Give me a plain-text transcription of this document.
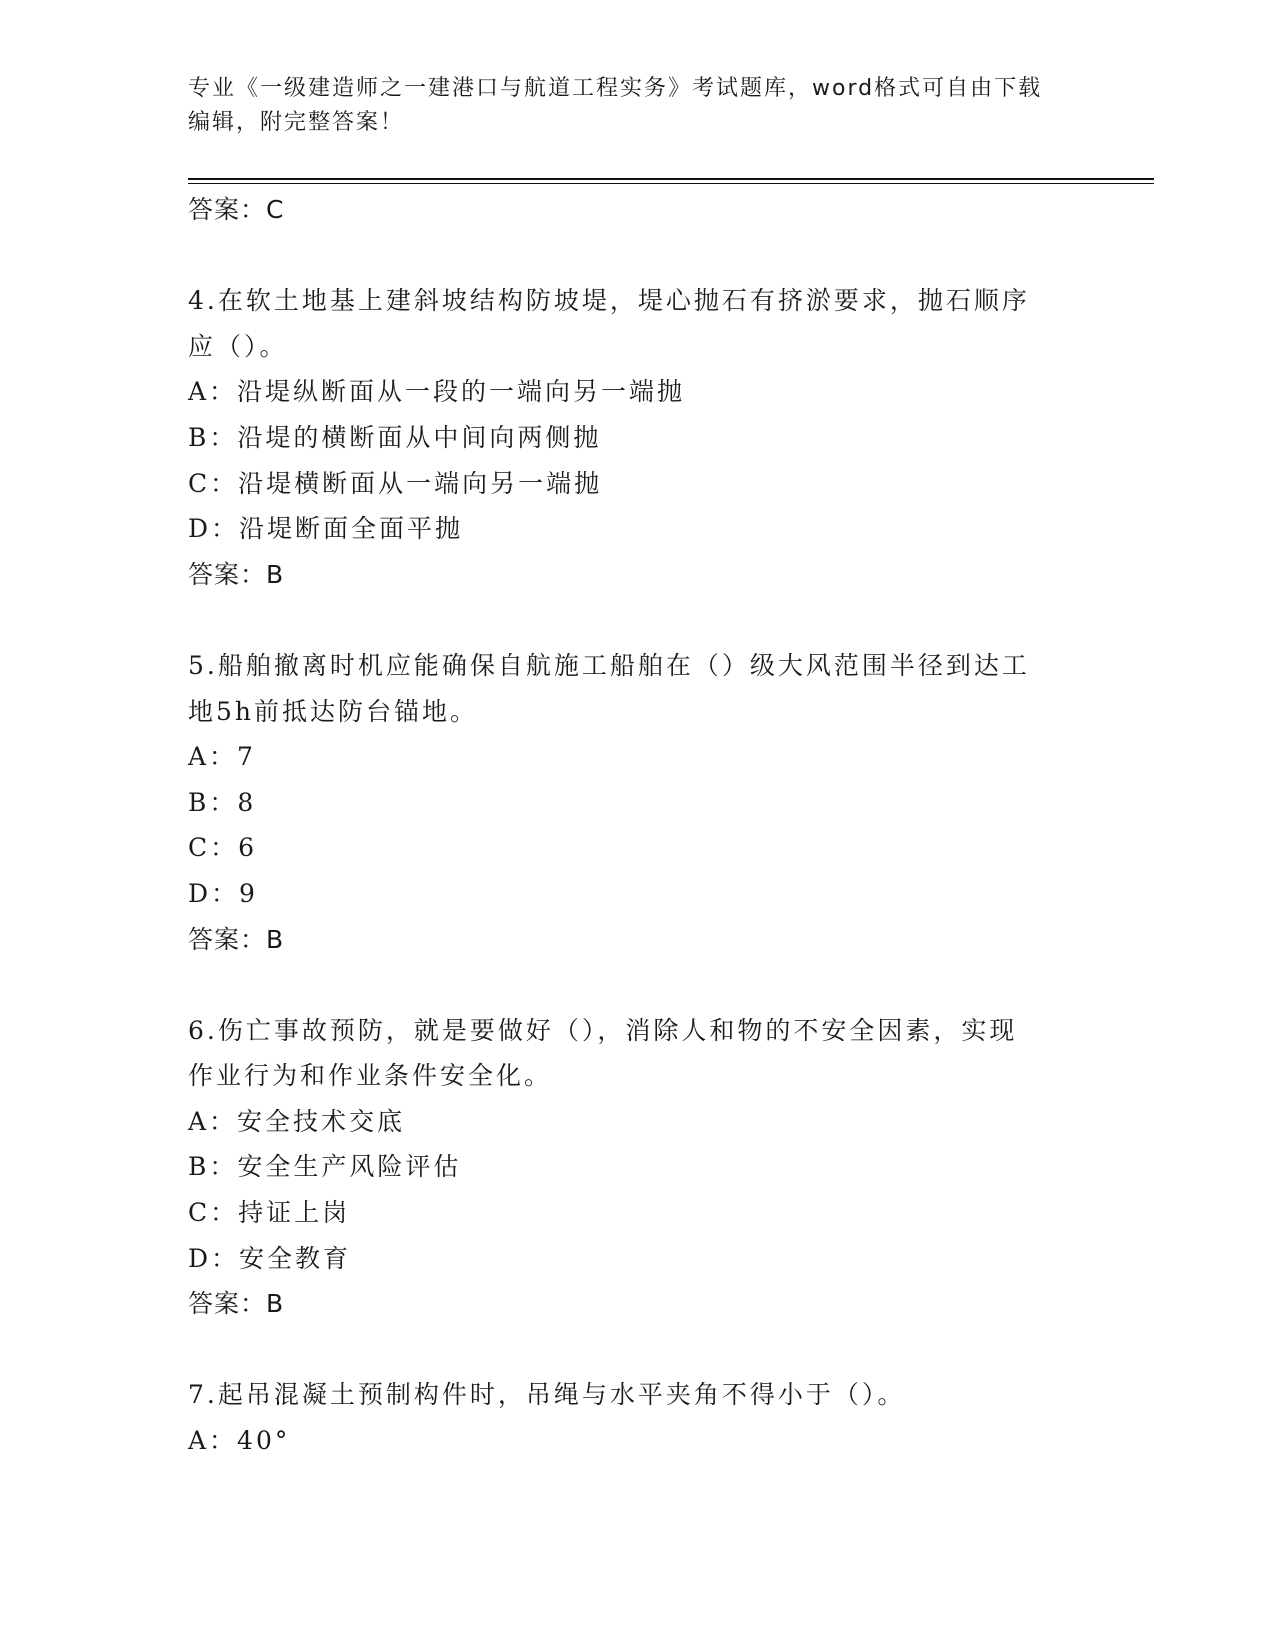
专业《一级建造师之一建港口与航道工程实务》考试题库，word格式可自由下载
编辑，附完整答案！
答案：C
4.在软土地基上建斜坡结构防坡堤，堤心抛石有挤淤要求，抛石顺序
应（）。
A：沿堤纵断面从一段的一端向另一端抛
B：沿堤的横断面从中间向两侧抛
C：沿堤横断面从一端向另一端抛
D：沿堤断面全面平抛
答案：B
5.船舶撤离时机应能确保自航施工船舶在（）级大风范围半径到达工
地5h前抵达防台锚地。
A：7
B：8
C：6
D：9
答案：B
6.伤亡事故预防，就是要做好（），消除人和物的不安全因素，实现
作业行为和作业条件安全化。
A：安全技术交底
B：安全生产风险评估
C：持证上岗
D：安全教育
答案：B
7.起吊混凝土预制构件时，吊绳与水平夹角不得小于（）。
A：40°
